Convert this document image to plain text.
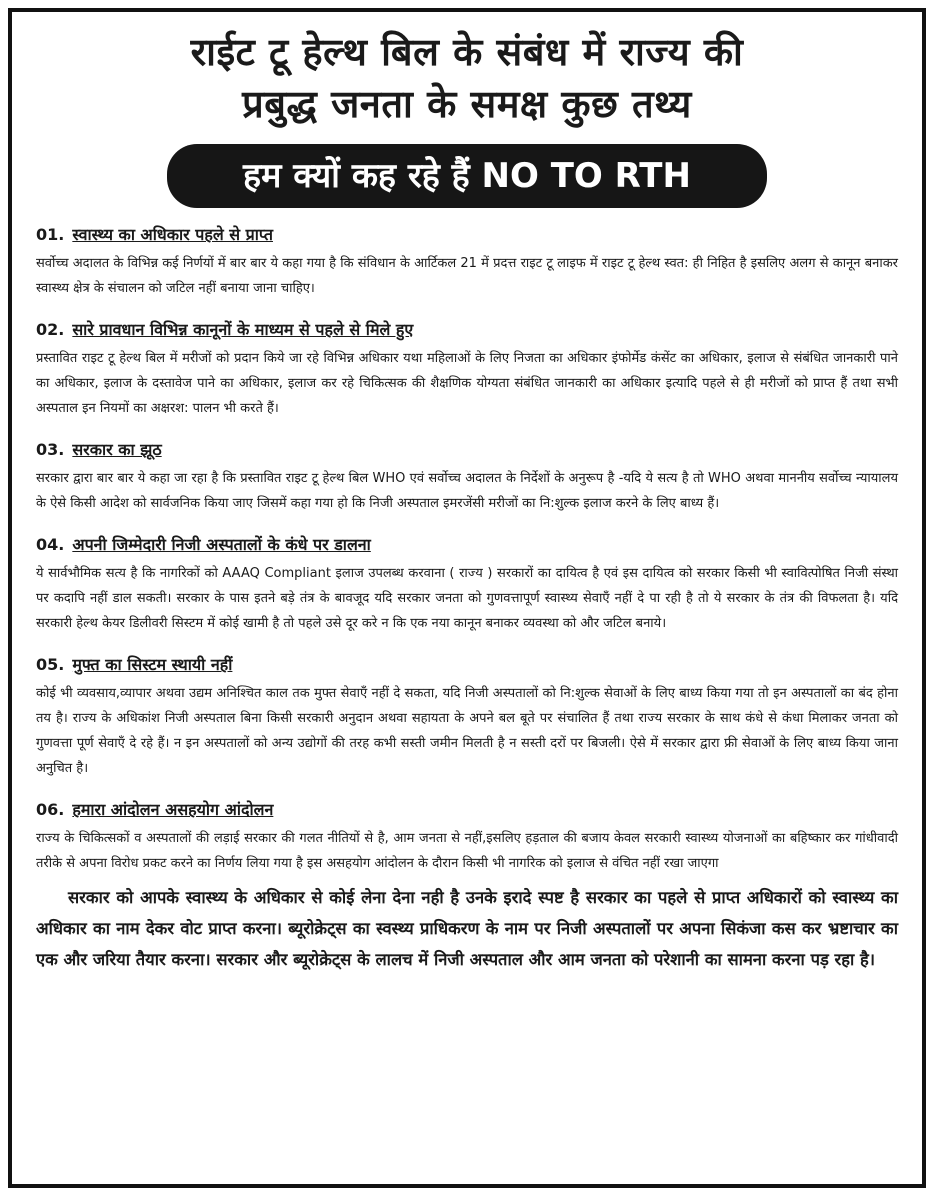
राईट टू हेल्थ बिल के संबंध में राज्य की
प्रबुद्ध जनता के समक्ष कुछ तथ्य
हम क्यों कह रहे हैं NO TO RTH
01. स्वास्थ्य का अधिकार पहले से प्राप्त

सर्वोच्च अदालत के विभिन्न कई निर्णयों में बार बार ये कहा गया है कि संविधान के आर्टिकल 21 में प्रदत्त राइट टू लाइफ में राइट टू हेल्थ स्वत: ही निहित है इसलिए अलग से कानून बनाकर स्वास्थ्य क्षेत्र के संचालन को जटिल नहीं बनाया जाना चाहिए।

02. सारे प्रावधान विभिन्न कानूनों के माध्यम से पहले से मिले हुए

प्रस्तावित राइट टू हेल्थ बिल में मरीजों को प्रदान किये जा रहे विभिन्न अधिकार यथा महिलाओं के लिए निजता का अधिकार इंफोर्मेड कंसेंट का अधिकार, इलाज से संबंधित जानकारी पाने का अधिकार, इलाज के दस्तावेज पाने का अधिकार, इलाज कर रहे चिकित्सक की शैक्षणिक योग्यता संबंधित जानकारी का अधिकार इत्यादि पहले से ही मरीजों को प्राप्त हैं तथा सभी अस्पताल इन नियमों का अक्षरश: पालन भी करते हैं।

03. सरकार का झूठ

सरकार द्वारा बार बार ये कहा जा रहा है कि प्रस्तावित राइट टू हेल्थ बिल WHO एवं सर्वोच्च अदालत के निर्देशों के अनुरूप है -यदि ये सत्य है तो WHO अथवा माननीय सर्वोच्च न्यायालय के ऐसे किसी आदेश को सार्वजनिक किया जाए जिसमें कहा गया हो कि निजी अस्पताल इमरजेंसी मरीजों का नि:शुल्क इलाज करने के लिए बाध्य हैं।

04. अपनी जिम्मेदारी निजी अस्पतालों के कंधे पर डालना

ये सार्वभौमिक सत्य है कि नागरिकों को AAAQ Compliant इलाज उपलब्ध करवाना ( राज्य ) सरकारों का दायित्व है एवं इस दायित्व को सरकार किसी भी स्वावित्पोषित निजी संस्था पर कदापि नहीं डाल सकती। सरकार के पास इतने बड़े तंत्र के बावजूद यदि सरकार जनता को गुणवत्तापूर्ण स्वास्थ्य सेवाएँ नहीं दे पा रही है तो ये सरकार के तंत्र की विफलता है। यदि सरकारी हेल्थ केयर डिलीवरी सिस्टम में कोई खामी है तो पहले उसे दूर करे न कि एक नया कानून बनाकर व्यवस्था को और जटिल बनाये।

05. मुफ्त का सिस्टम स्थायी नहीं

कोई भी व्यवसाय,व्यापार अथवा उद्यम अनिश्चित काल तक मुफ्त सेवाएँ नहीं दे सकता, यदि निजी अस्पतालों को नि:शुल्क सेवाओं के लिए बाध्य किया गया तो इन अस्पतालों का बंद होना तय है। राज्य के अधिकांश निजी अस्पताल बिना किसी सरकारी अनुदान अथवा सहायता के अपने बल बूते पर संचालित हैं तथा राज्य सरकार के साथ कंधे से कंधा मिलाकर जनता को गुणवत्ता पूर्ण सेवाएँ दे रहे हैं। न इन अस्पतालों को अन्य उद्योगों की तरह कभी सस्ती जमीन मिलती है न सस्ती दरों पर बिजली। ऐसे में सरकार द्वारा फ्री सेवाओं के लिए बाध्य किया जाना अनुचित है।

06. हमारा आंदोलन असहयोग आंदोलन

राज्य के चिकित्सकों व अस्पतालों की लड़ाई सरकार की गलत नीतियों से है, आम जनता से नहीं,इसलिए हड़ताल की बजाय केवल सरकारी स्वास्थ्य योजनाओं का बहिष्कार कर गांधीवादी तरीके से अपना विरोध प्रकट करने का निर्णय लिया गया है इस असहयोग आंदोलन के दौरान किसी भी नागरिक को इलाज से वंचित नहीं रखा जाएगा

सरकार को आपके स्वास्थ्य के अधिकार से कोई लेना देना नही है उनके इरादे स्पष्ट है सरकार का पहले से प्राप्त अधिकारों को स्वास्थ्य का अधिकार का नाम देकर वोट प्राप्त करना। ब्यूरोक्रेट्स का स्वस्थ्य प्राधिकरण के नाम पर निजी अस्पतालों पर अपना सिकंजा कस कर भ्रष्टाचार का एक और जरिया तैयार करना। सरकार और ब्यूरोक्रेट्स के लालच में निजी अस्पताल और आम जनता को परेशानी का सामना करना पड़ रहा है।
